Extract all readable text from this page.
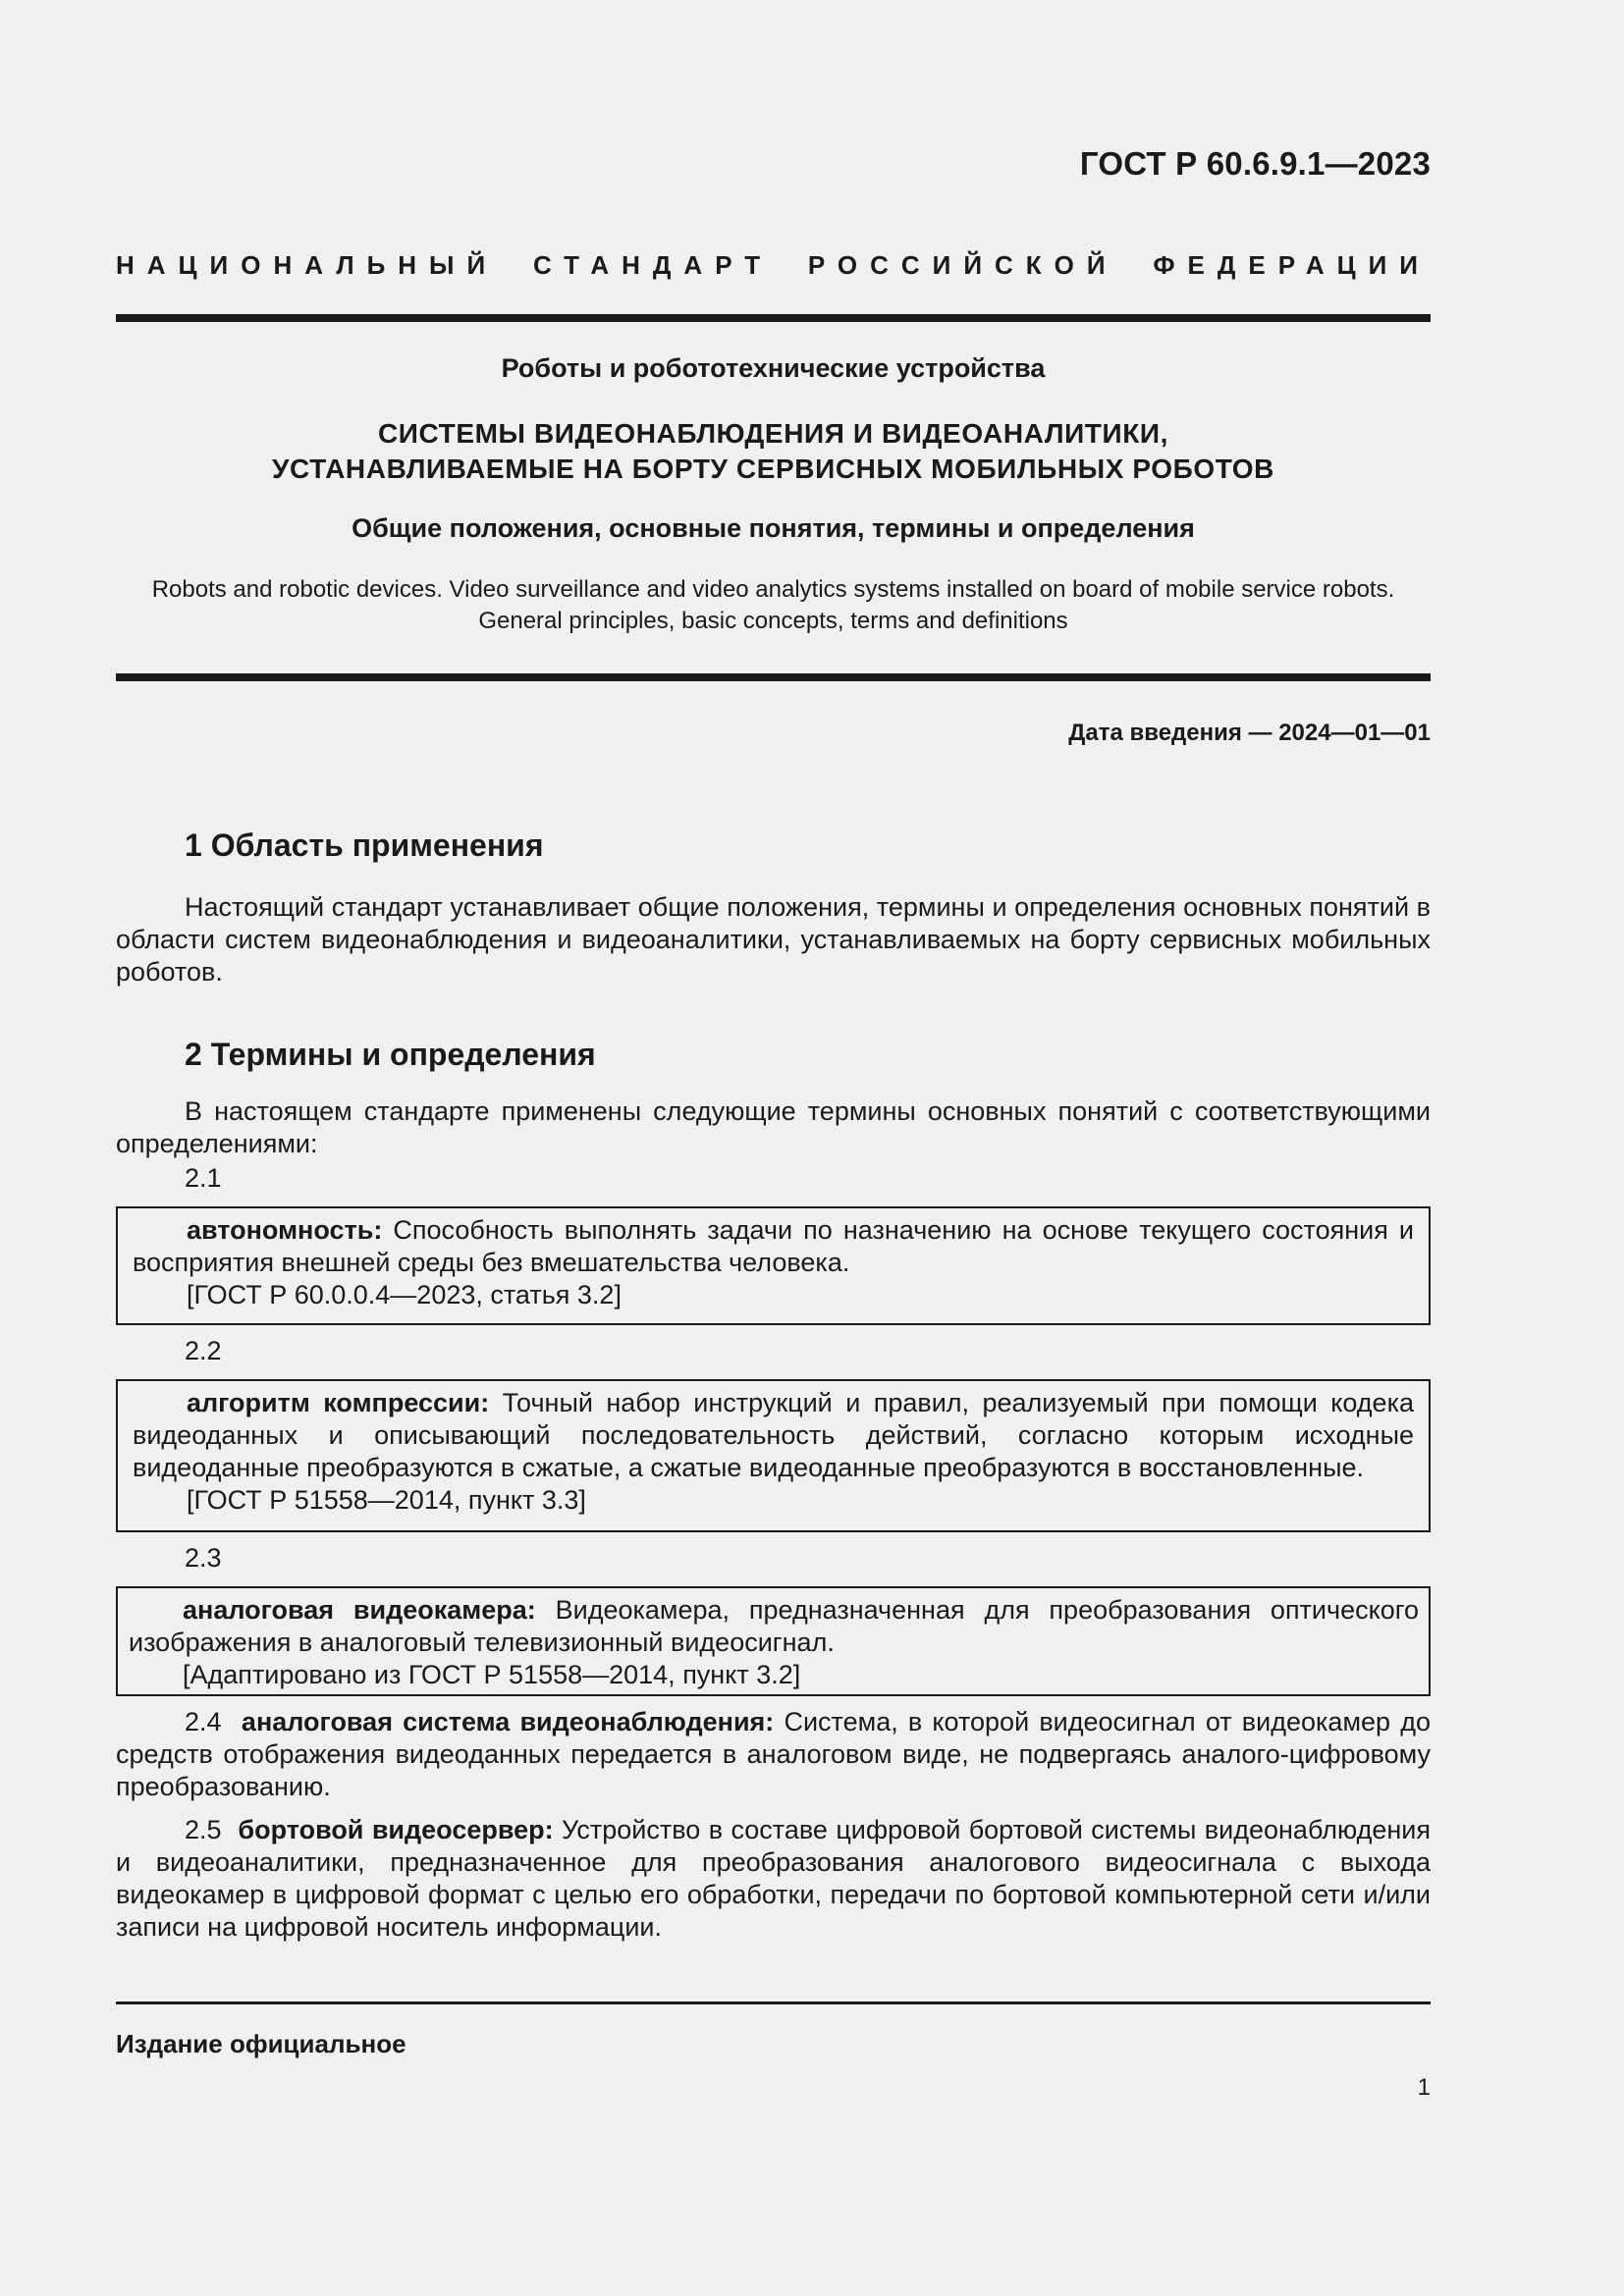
ГОСТ Р 60.6.9.1—2023
НАЦИОНАЛЬНЫЙ СТАНДАРТ РОССИЙСКОЙ ФЕДЕРАЦИИ
Роботы и робототехнические устройства
СИСТЕМЫ ВИДЕОНАБЛЮДЕНИЯ И ВИДЕОАНАЛИТИКИ,
УСТАНАВЛИВАЕМЫЕ НА БОРТУ СЕРВИСНЫХ МОБИЛЬНЫХ РОБОТОВ
Общие положения, основные понятия, термины и определения
Robots and robotic devices. Video surveillance and video analytics systems installed on board of mobile service robots.
General principles, basic concepts, terms and definitions
Дата введения — 2024—01—01
1 Область применения
Настоящий стандарт устанавливает общие положения, термины и определения основных понятий в области систем видеонаблюдения и видеоаналитики, устанавливаемых на борту сервисных мобильных роботов.
2 Термины и определения
В настоящем стандарте применены следующие термины основных понятий с соответствующими определениями:
2.1

автономность: Способность выполнять задачи по назначению на основе текущего состояния и восприятия внешней среды без вмешательства человека.

[ГОСТ Р 60.0.0.4—2023, статья 3.2]

2.2

алгоритм компрессии: Точный набор инструкций и правил, реализуемый при помощи кодека видеоданных и описывающий последовательность действий, согласно которым исходные видеоданные преобразуются в сжатые, а сжатые видеоданные преобразуются в восстановленные.

[ГОСТ Р 51558—2014, пункт 3.3]

2.3

аналоговая видеокамера: Видеокамера, предназначенная для преобразования оптического изображения в аналоговый телевизионный видеосигнал.

[Адаптировано из ГОСТ Р 51558—2014, пункт 3.2]

2.4 аналоговая система видеонаблюдения: Система, в которой видеосигнал от видеокамер до средств отображения видеоданных передается в аналоговом виде, не подвергаясь аналого-цифровому преобразованию.
2.5 бортовой видеосервер: Устройство в составе цифровой бортовой системы видеонаблюдения и видеоаналитики, предназначенное для преобразования аналогового видеосигнала с выхода видеокамер в цифровой формат с целью его обработки, передачи по бортовой компьютерной сети и/или записи на цифровой носитель информации.
Издание официальное
1
